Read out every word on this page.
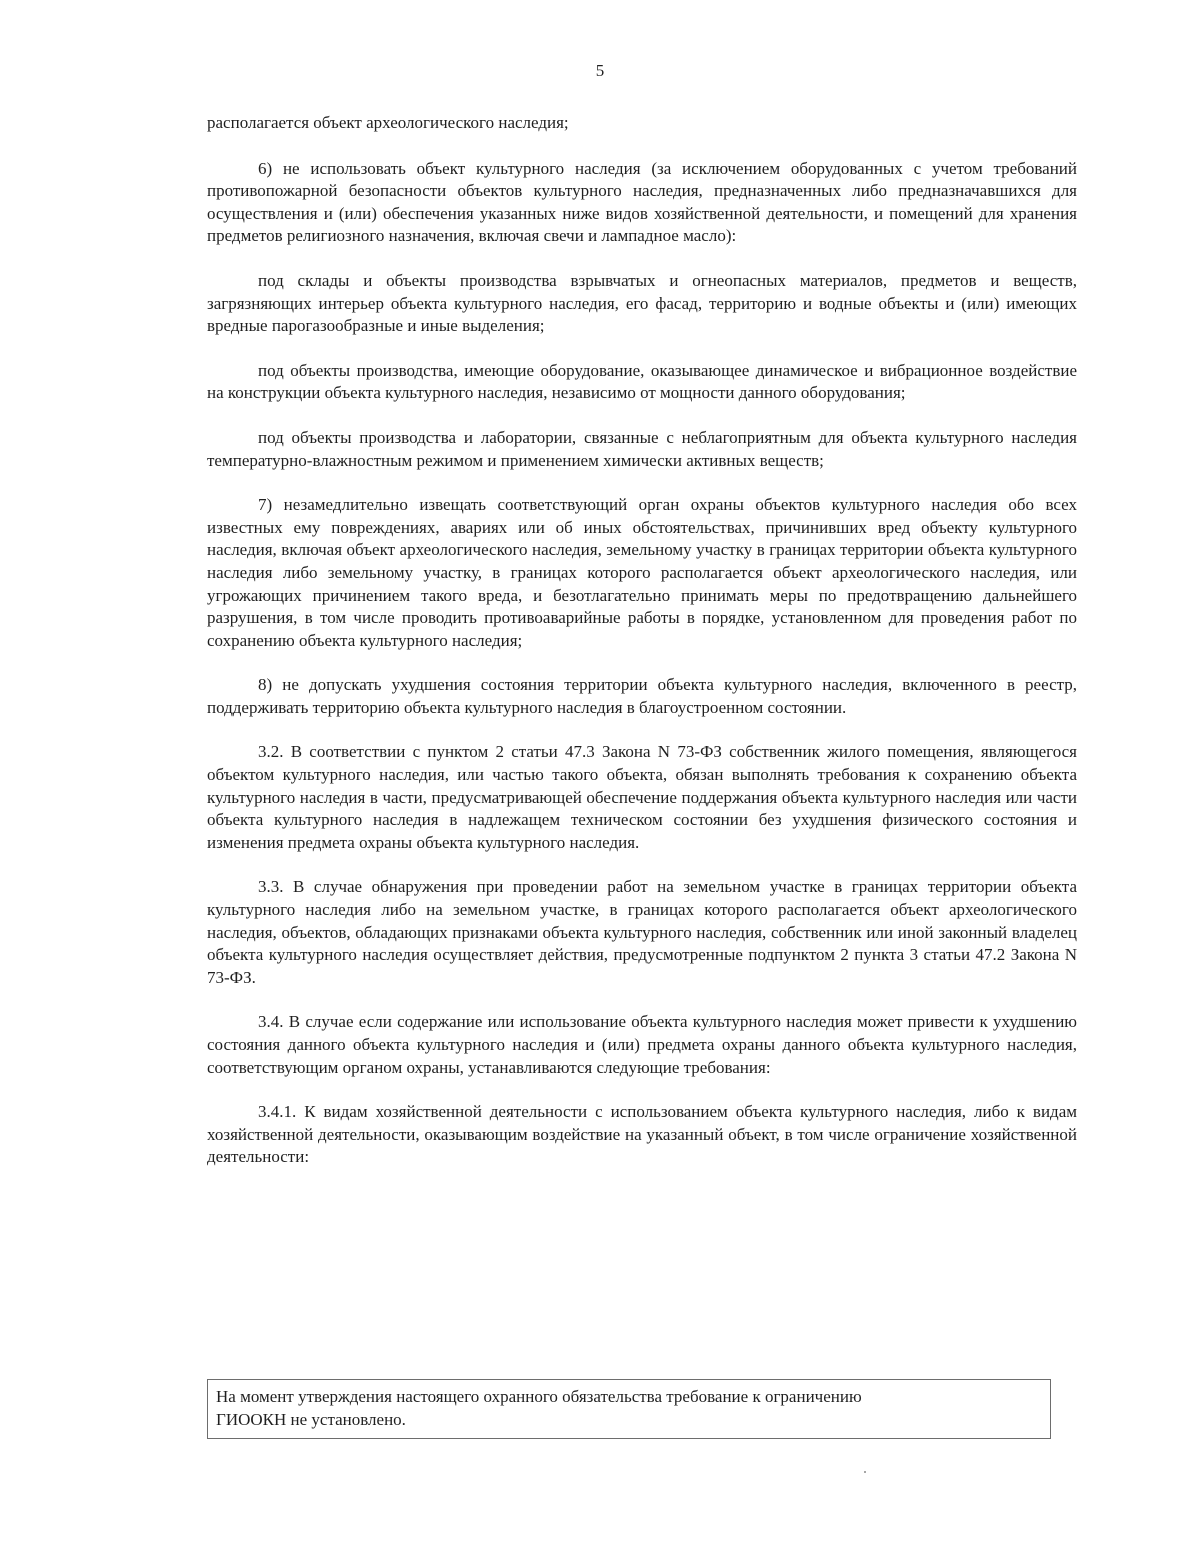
5

располагается объект археологического наследия;

6) не использовать объект культурного наследия (за исключением оборудованных с учетом требований противопожарной безопасности объектов культурного наследия, предназначенных либо предназначавшихся для осуществления и (или) обеспечения указанных ниже видов хозяйственной деятельности, и помещений для хранения предметов религиозного назначения, включая свечи и лампадное масло):

под склады и объекты производства взрывчатых и огнеопасных материалов, предметов и веществ, загрязняющих интерьер объекта культурного наследия, его фасад, территорию и водные объекты и (или) имеющих вредные парогазообразные и иные выделения;

под объекты производства, имеющие оборудование, оказывающее динамическое и вибрационное воздействие на конструкции объекта культурного наследия, независимо от мощности данного оборудования;

под объекты производства и лаборатории, связанные с неблагоприятным для объекта культурного наследия температурно-влажностным режимом и применением химически активных веществ;

7) незамедлительно извещать соответствующий орган охраны объектов культурного наследия обо всех известных ему повреждениях, авариях или об иных обстоятельствах, причинивших вред объекту культурного наследия, включая объект археологического наследия, земельному участку в границах территории объекта культурного наследия либо земельному участку, в границах которого располагается объект археологического наследия, или угрожающих причинением такого вреда, и безотлагательно принимать меры по предотвращению дальнейшего разрушения, в том числе проводить противоаварийные работы в порядке, установленном для проведения работ по сохранению объекта культурного наследия;

8) не допускать ухудшения состояния территории объекта культурного наследия, включенного в реестр, поддерживать территорию объекта культурного наследия в благоустроенном состоянии.

3.2. В соответствии с пунктом 2 статьи 47.3 Закона N 73-ФЗ собственник жилого помещения, являющегося объектом культурного наследия, или частью такого объекта, обязан выполнять требования к сохранению объекта культурного наследия в части, предусматривающей обеспечение поддержания объекта культурного наследия или части объекта культурного наследия в надлежащем техническом состоянии без ухудшения физического состояния и изменения предмета охраны объекта культурного наследия.

3.3. В случае обнаружения при проведении работ на земельном участке в границах территории объекта культурного наследия либо на земельном участке, в границах которого располагается объект археологического наследия, объектов, обладающих признаками объекта культурного наследия, собственник или иной законный владелец объекта культурного наследия осуществляет действия, предусмотренные подпунктом 2 пункта 3 статьи 47.2 Закона N 73-ФЗ.

3.4. В случае если содержание или использование объекта культурного наследия может привести к ухудшению состояния данного объекта культурного наследия и (или) предмета охраны данного объекта культурного наследия, соответствующим органом охраны, устанавливаются следующие требования:

3.4.1. К видам хозяйственной деятельности с использованием объекта культурного наследия, либо к видам хозяйственной деятельности, оказывающим воздействие на указанный объект, в том числе ограничение хозяйственной деятельности:

На момент утверждения настоящего охранного обязательства требование к ограничению
ГИООКН не установлено.
